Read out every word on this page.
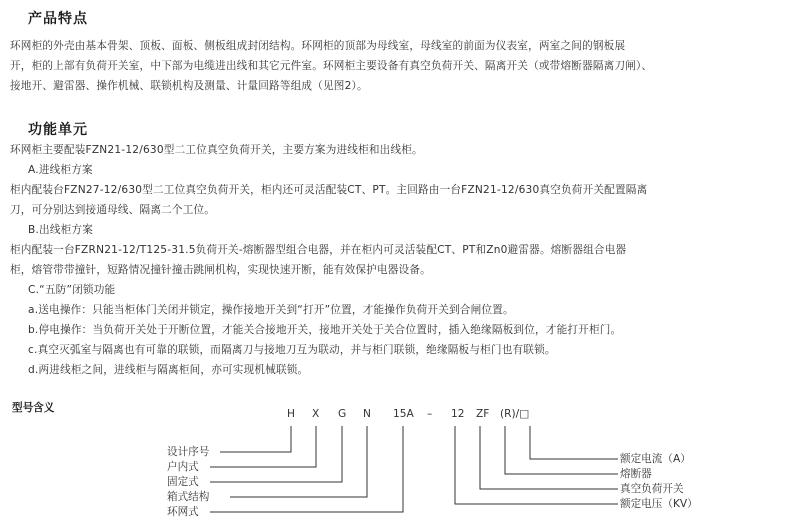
产品特点
环网柜的外壳由基本骨架、顶板、面板、侧板组成封闭结构。环网柜的顶部为母线室，母线室的前面为仪表室，两室之间的钢板展
开，柜的上部有负荷开关室，中下部为电缆进出线和其它元件室。环网柜主要设备有真空负荷开关、隔离开关（或带熔断器隔离刀闸）、
接地开、避雷器、操作机械、联锁机构及测量、计量回路等组成（见图2）。
功能单元
环网柜主要配装FZN21-12/630型二工位真空负荷开关，主要方案为进线柜和出线柜。
A.进线柜方案
柜内配装台FZN27-12/630型二工位真空负荷开关，柜内还可灵活配装CT、PT。主回路由一台FZN21-12/630真空负荷开关配置隔离
刀，可分别达到接通母线、隔离二个工位。
B.出线柜方案
柜内配装一台FZRN21-12/T125-31.5负荷开关-熔断器型组合电器，并在柜内可灵活装配CT、PT和Zn0避雷器。熔断器组合电器
柜，熔管带带撞针，短路情况撞针撞击跳闸机构，实现快速开断，能有效保护电器设备。
C.“五防”闭锁功能
a.送电操作：只能当柜体门关闭并锁定，操作接地开关到“打开”位置，才能操作负荷开关到合闸位置。
b.停电操作：当负荷开关处于开断位置，才能关合接地开关，接地开关处于关合位置时，插入绝缘隔板到位，才能打开柜门。
c.真空灭弧室与隔离也有可靠的联锁，而隔离刀与接地刀互为联动，并与柜门联锁，绝缘隔板与柜门也有联锁。
d.两进线柜之间，进线柜与隔离柜间，亦可实现机械联锁。
型号含义	H X G N 15A – 12 ZF (R)/□
设计序号
户内式
固定式
箱式结构
环网式
额定电流（A）
熔断器
真空负荷开关
额定电压（KV）
